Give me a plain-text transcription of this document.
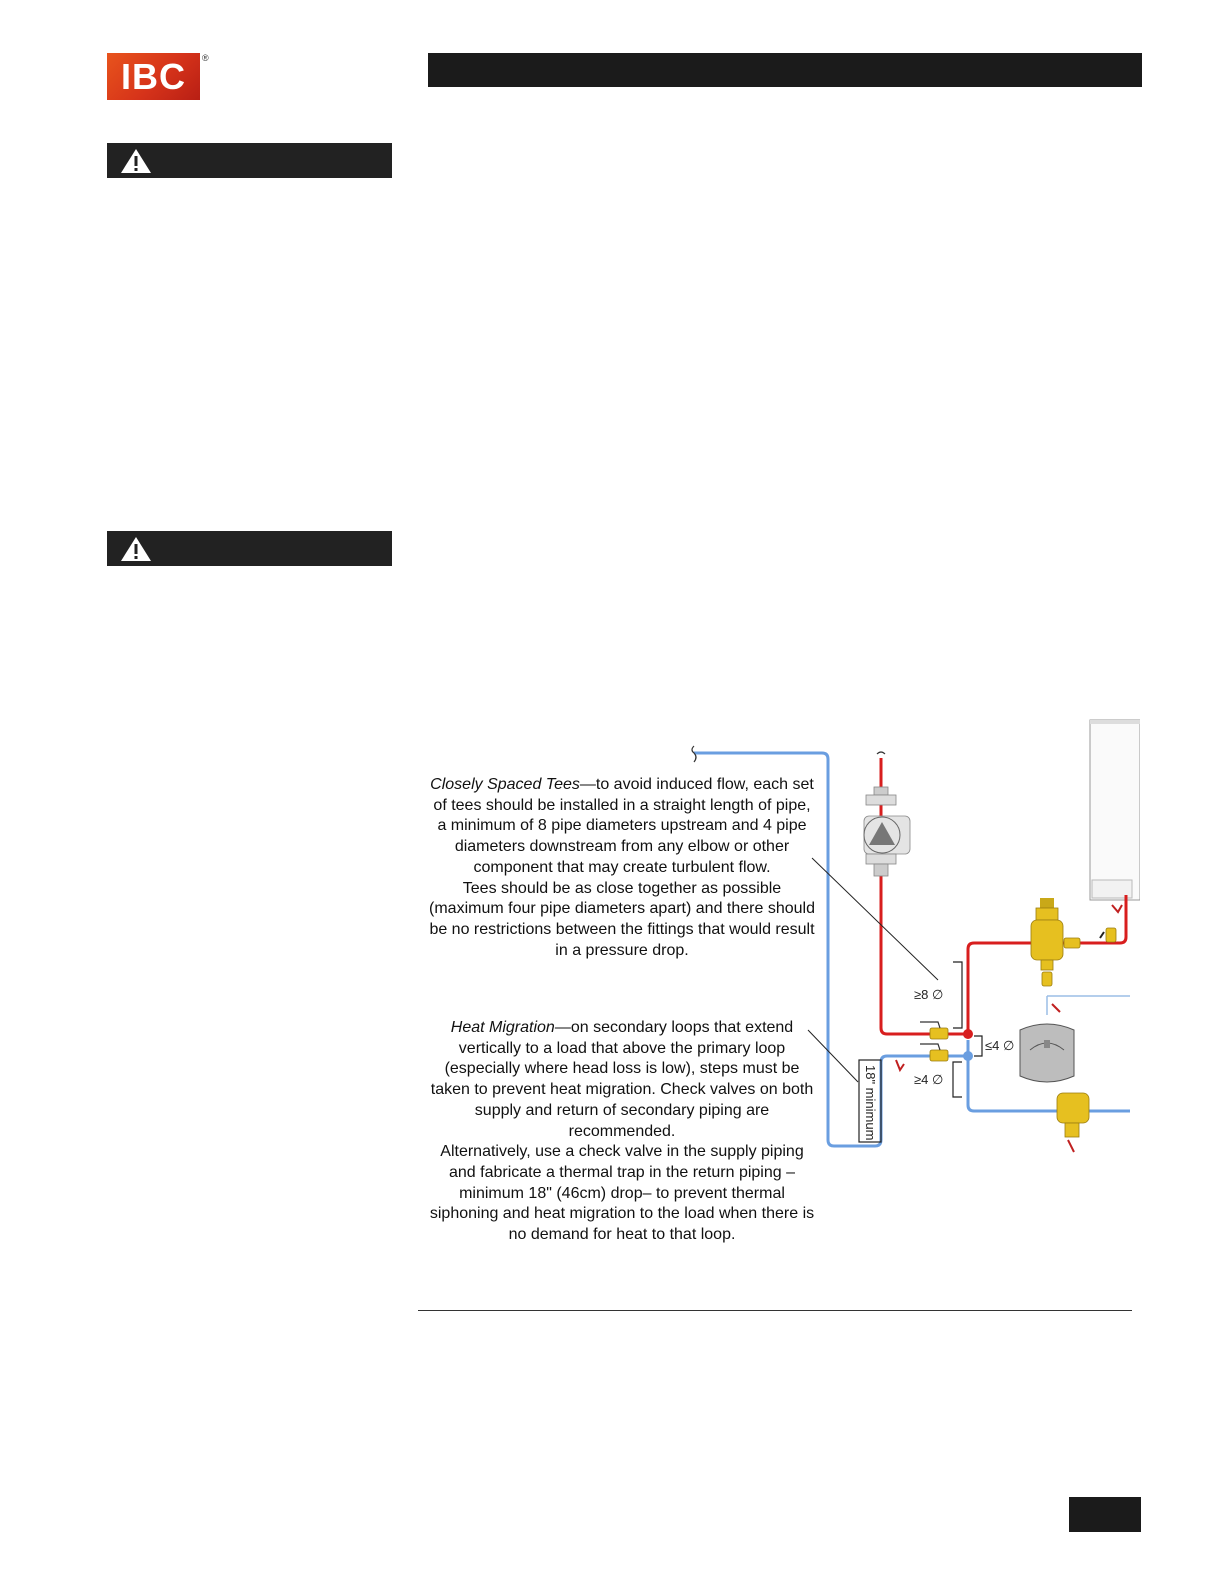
IBC ®
≥8 ∅
≤4 ∅
≥4 ∅
18" minimum
Closely Spaced Tees—to avoid induced flow, each set of tees should be installed in a straight length of pipe, a minimum of 8 pipe diameters upstream and 4 pipe diameters downstream from any elbow or other component that may create turbulent flow.
Tees should be as close together as possible (maximum four pipe diameters apart) and there should be no restrictions between the fittings that would result in a pressure drop.
Heat Migration—on secondary loops that extend vertically to a load that above the primary loop (especially where head loss is low), steps must be taken to prevent heat migration. Check valves on both supply and return of secondary piping are recommended.
Alternatively, use a check valve in the supply piping and fabricate a thermal trap in the return piping –minimum 18" (46cm) drop– to prevent thermal siphoning and heat migration to the load when there is no demand for heat to that loop.
